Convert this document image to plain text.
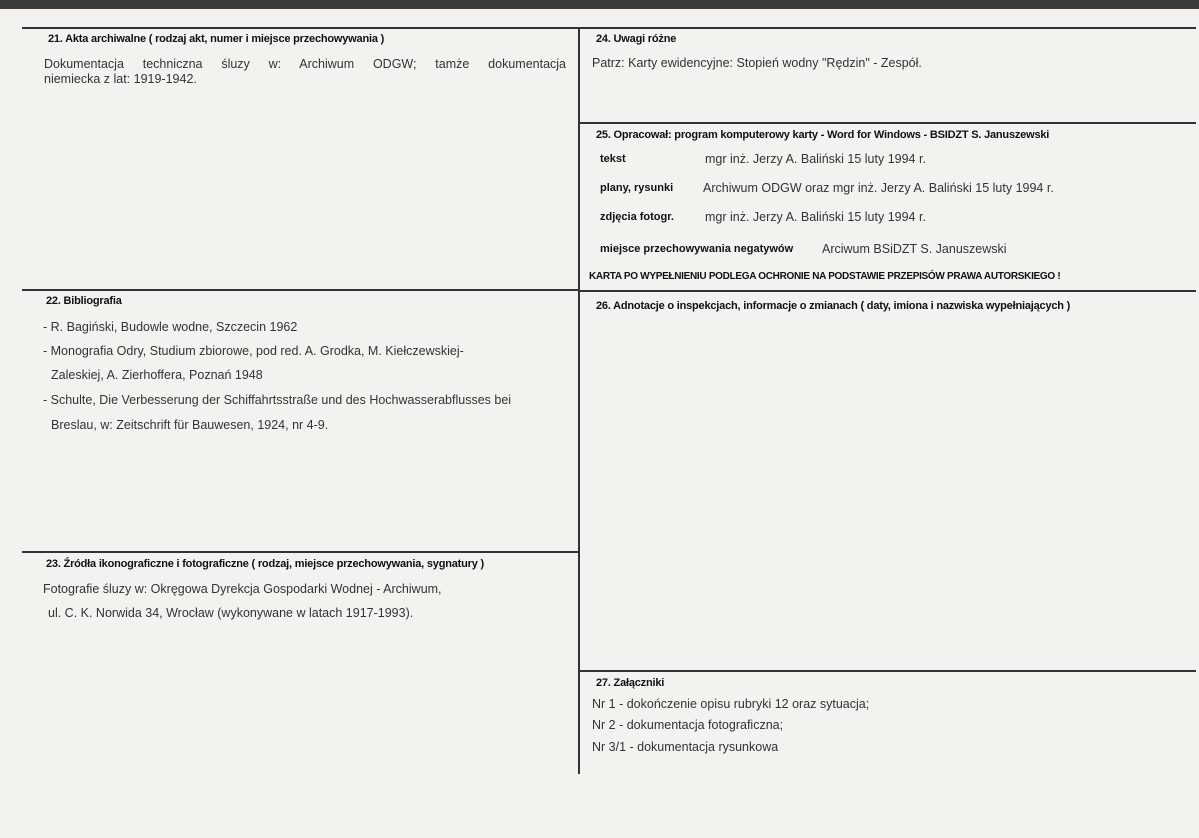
21. Akta archiwalne ( rodzaj akt, numer i miejsce przechowywania )
Dokumentacja techniczna śluzy w: Archiwum ODGW; tamże dokumentacja
niemiecka z lat: 1919-1942.
22. Bibliografia
- R. Bagiński, Budowle wodne, Szczecin 1962
- Monografia Odry, Studium zbiorowe, pod red. A. Grodka, M. Kiełczewskiej-
Zaleskiej, A. Zierhoffera, Poznań 1948
- Schulte, Die Verbesserung der Schiffahrtsstraße und des Hochwasserabflusses bei
Breslau, w: Zeitschrift für Bauwesen, 1924, nr 4-9.
23. Źródła ikonograficzne i fotograficzne ( rodzaj, miejsce przechowywania, sygnatury )
Fotografie śluzy w: Okręgowa Dyrekcja Gospodarki Wodnej - Archiwum,
ul. C. K. Norwida 34, Wrocław (wykonywane w latach 1917-1993).
24. Uwagi różne
Patrz: Karty ewidencyjne: Stopień wodny "Rędzin" - Zespół.
25. Opracował: program komputerowy karty - Word for Windows - BSIDZT S. Januszewski
tekst	mgr inż. Jerzy A. Baliński 15 luty 1994 r.
plany, rysunki Archiwum ODGW oraz mgr inż. Jerzy A. Baliński 15 luty 1994 r.
zdjęcia fotogr. mgr inż. Jerzy A. Baliński 15 luty 1994 r.
miejsce przechowywania negatywów Arciwum BSiDZT S. Januszewski
KARTA PO WYPEŁNIENIU PODLEGA OCHRONIE NA PODSTAWIE PRZEPISÓW PRAWA AUTORSKIEGO !
26. Adnotacje o inspekcjach, informacje o zmianach ( daty, imiona i nazwiska wypełniających )
27. Załączniki
Nr 1 - dokończenie opisu rubryki 12 oraz sytuacja;
Nr 2 - dokumentacja fotograficzna;
Nr 3/1 - dokumentacja rysunkowa
